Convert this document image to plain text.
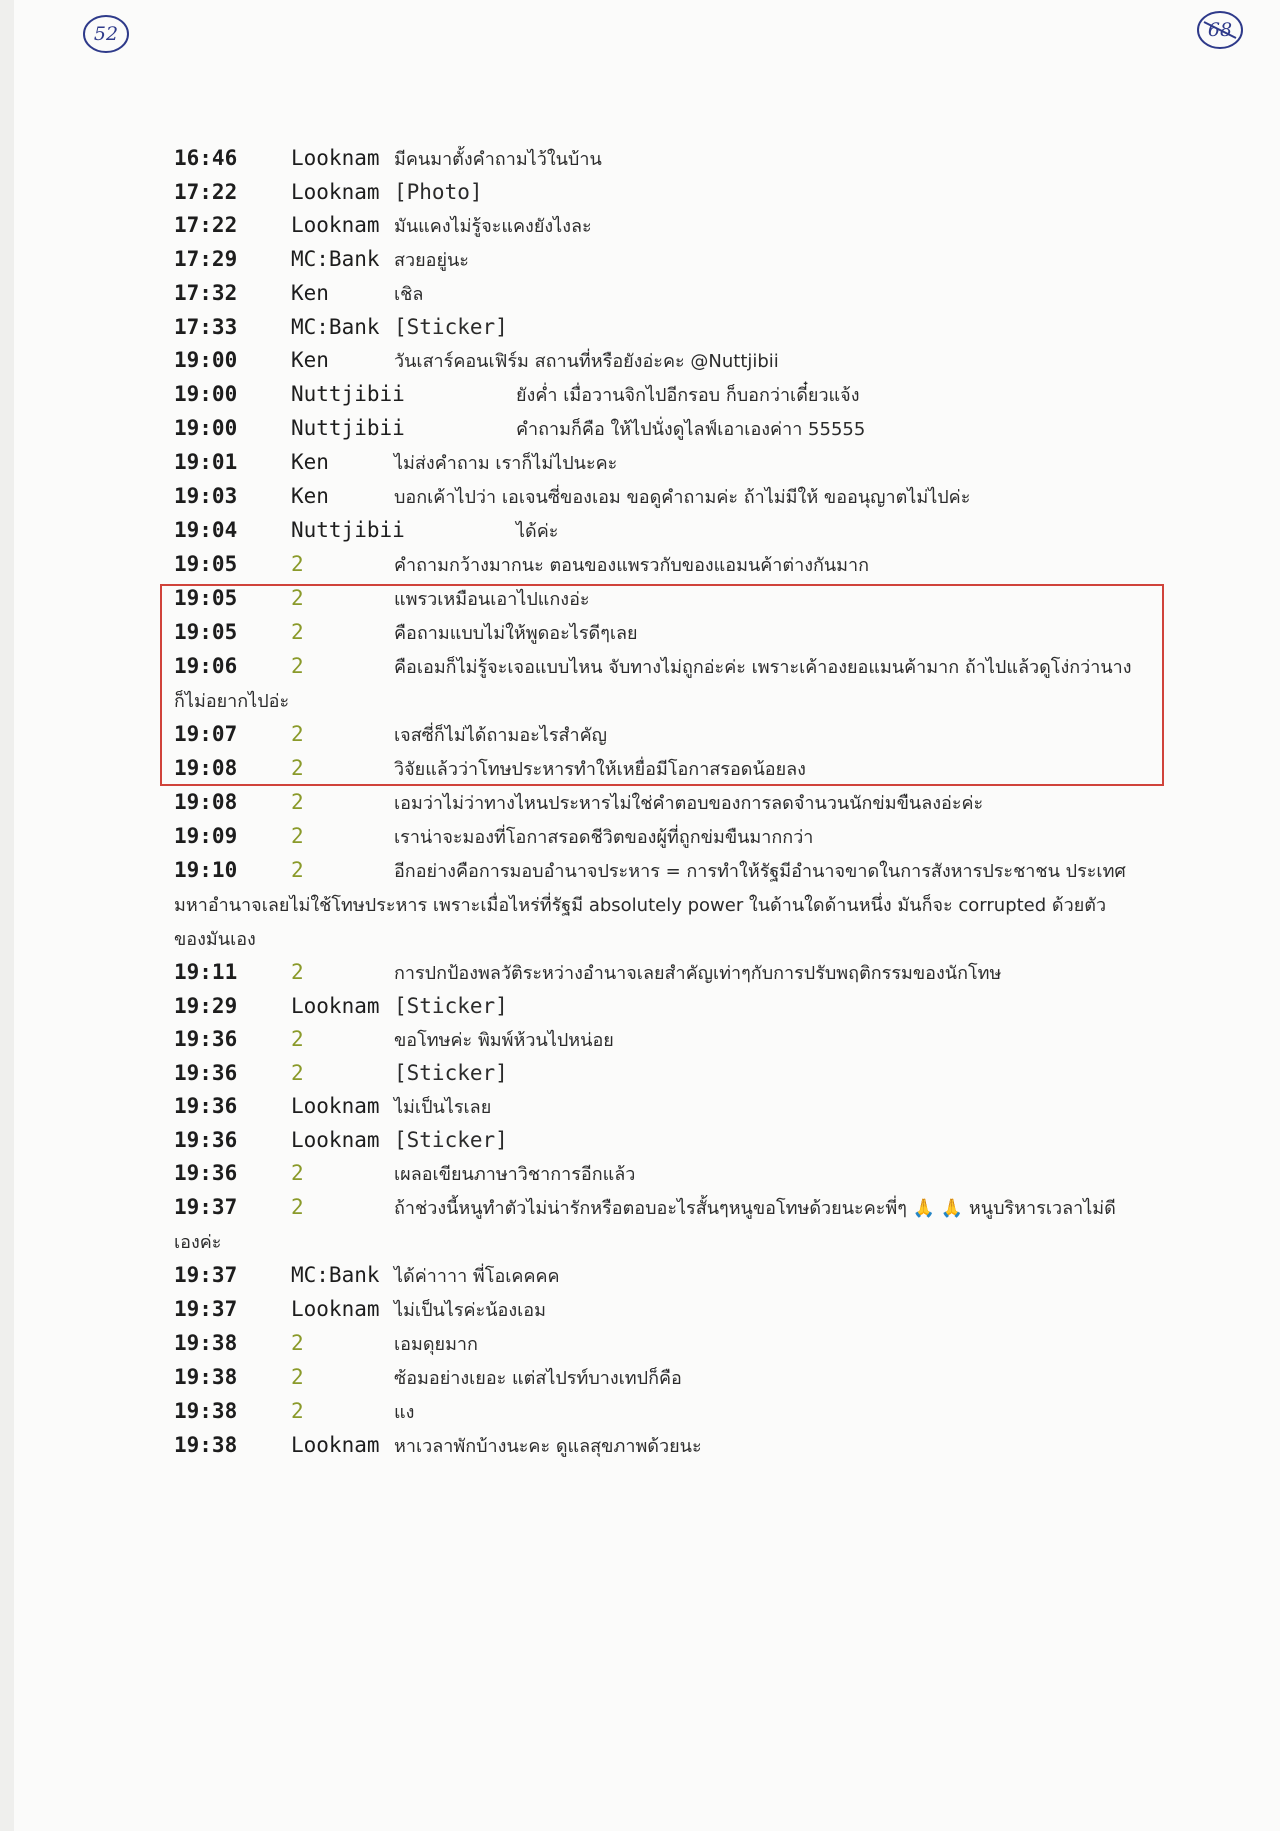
52	68
16:46	Looknam มีคนมาตั้งคำถามไว้ในบ้าน
17:22	Looknam [Photo]
17:22	Looknam มันแคงไม่รู้จะแคงยังไงละ
17:29	MC:Bank สวยอยู่นะ
17:32	Ken	เชิล
17:33	MC:Bank [Sticker]
19:00	Ken	วันเสาร์คอนเฟิร์ม สถานที่หรือยังอ่ะคะ @Nuttjibii
19:00	Nuttjibii	ยังค่ำ เมื่อวานจิกไปอีกรอบ ก็บอกว่าเดี๋ยวแจ้ง
19:00	Nuttjibii	คำถามก็คือ ให้ไปนั่งดูไลฟ์เอาเองค่าา 55555
19:01	Ken	ไม่ส่งคำถาม เราก็ไม่ไปนะคะ
19:03	Ken	บอกเค้าไปว่า เอเจนซี่ของเอม ขอดูคำถามค่ะ ถ้าไม่มีให้ ขออนุญาตไม่ไปค่ะ
19:04	Nuttjibii	ได้ค่ะ
19:05	2	คำถามกว้างมากนะ ตอนของแพรวกับของแอมนค้าต่างกันมาก
19:05	2	แพรวเหมือนเอาไปแกงอ่ะ
19:05	2	คือถามแบบไม่ให้พูดอะไรดีๆเลย
19:06	2	คือเอมก็ไม่รู้จะเจอแบบไหน จับทางไม่ถูกอ่ะค่ะ เพราะเค้าองยอแมนค้ามาก ถ้าไปแล้วดูโง่กว่านางก็ไม่อยากไปอ่ะ
19:07	2	เจสซี่ก็ไม่ได้ถามอะไรสำคัญ
19:08	2	วิจัยแล้วว่าโทษประหารทำให้เหยื่อมีโอกาสรอดน้อยลง
19:08	2	เอมว่าไม่ว่าทางไหนประหารไม่ใช่คำตอบของการลดจำนวนนักข่มขืนลงอ่ะค่ะ
19:09	2	เราน่าจะมองที่โอกาสรอดชีวิตของผู้ที่ถูกข่มขืนมากกว่า
19:10	2	อีกอย่างคือการมอบอำนาจประหาร = การทำให้รัฐมีอำนาจขาดในการสังหารประชาชน ประเทศมหาอำนาจเลยไม่ใช้โทษประหาร เพราะเมื่อไหร่ที่รัฐมี absolutely power ในด้านใดด้านหนึ่ง มันก็จะ corrupted ด้วยตัวของมันเอง
19:11	2	การปกป้องพลวัติระหว่างอำนาจเลยสำคัญเท่าๆกับการปรับพฤติกรรมของนักโทษ
19:29	Looknam [Sticker]
19:36	2	ขอโทษค่ะ พิมพ์ห้วนไปหน่อย
19:36	2	[Sticker]
19:36	Looknam ไม่เป็นไรเลย
19:36	Looknam [Sticker]
19:36	2	เผลอเขียนภาษาวิชาการอีกแล้ว
19:37	2	ถ้าช่วงนี้หนูทำตัวไม่น่ารักหรือตอบอะไรสั้นๆหนูขอโทษด้วยนะคะพี่ๆ 🙏 🙏 หนูบริหารเวลาไม่ดีเองค่ะ
19:37	MC:Bank ได้ค่าาาา พี่โอเคคคค
19:37	Looknam ไม่เป็นไรค่ะน้องเอม
19:38	2	เอมดุยมาก
19:38	2	ซ้อมอย่างเยอะ แต่สไปรท์บางเทปก็คือ
19:38	2	แง
19:38	Looknam หาเวลาพักบ้างนะคะ ดูแลสุขภาพด้วยนะ
